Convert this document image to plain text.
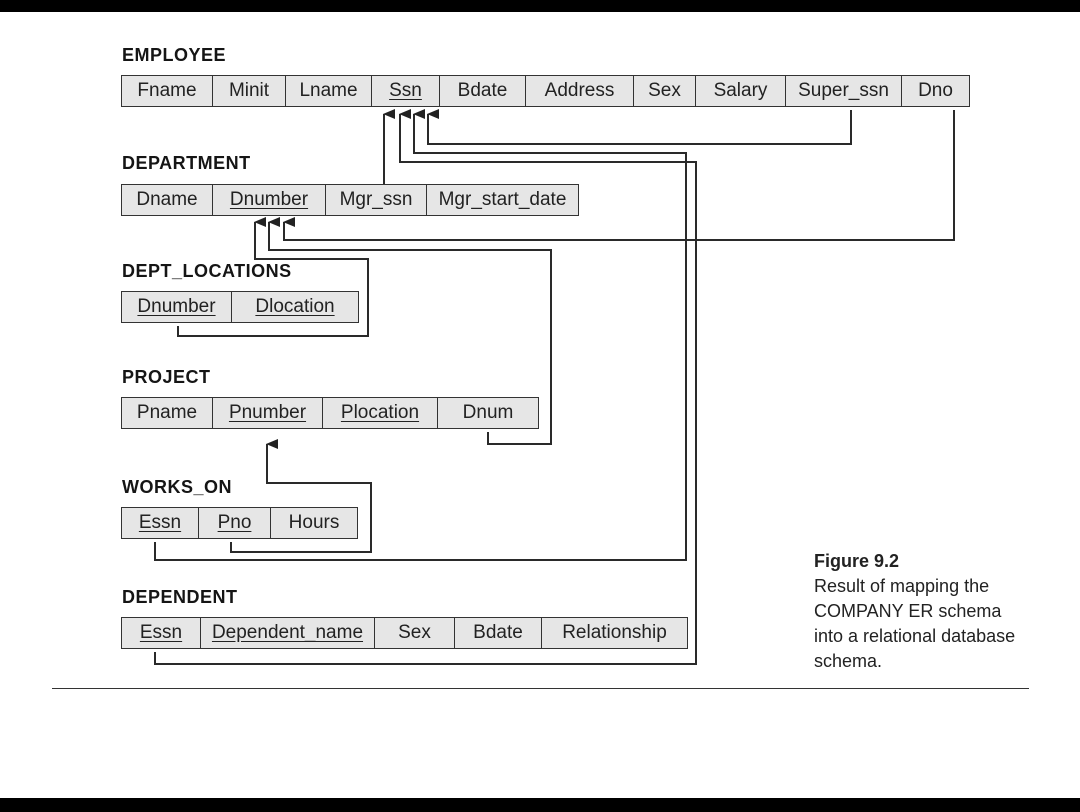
EMPLOYEE
Fname Minit Lname Ssn Bdate Address Sex Salary Super_ssn Dno
DEPARTMENT
Dname Dnumber Mgr_ssn Mgr_start_date
DEPT_LOCATIONS
Dnumber Dlocation
PROJECT
Pname Pnumber Plocation Dnum
WORKS_ON
Essn Pno Hours
DEPENDENT
Essn Dependent_name Sex Bdate Relationship
Figure 9.2
Result of mapping the
COMPANY ER schema
into a relational database
schema.
